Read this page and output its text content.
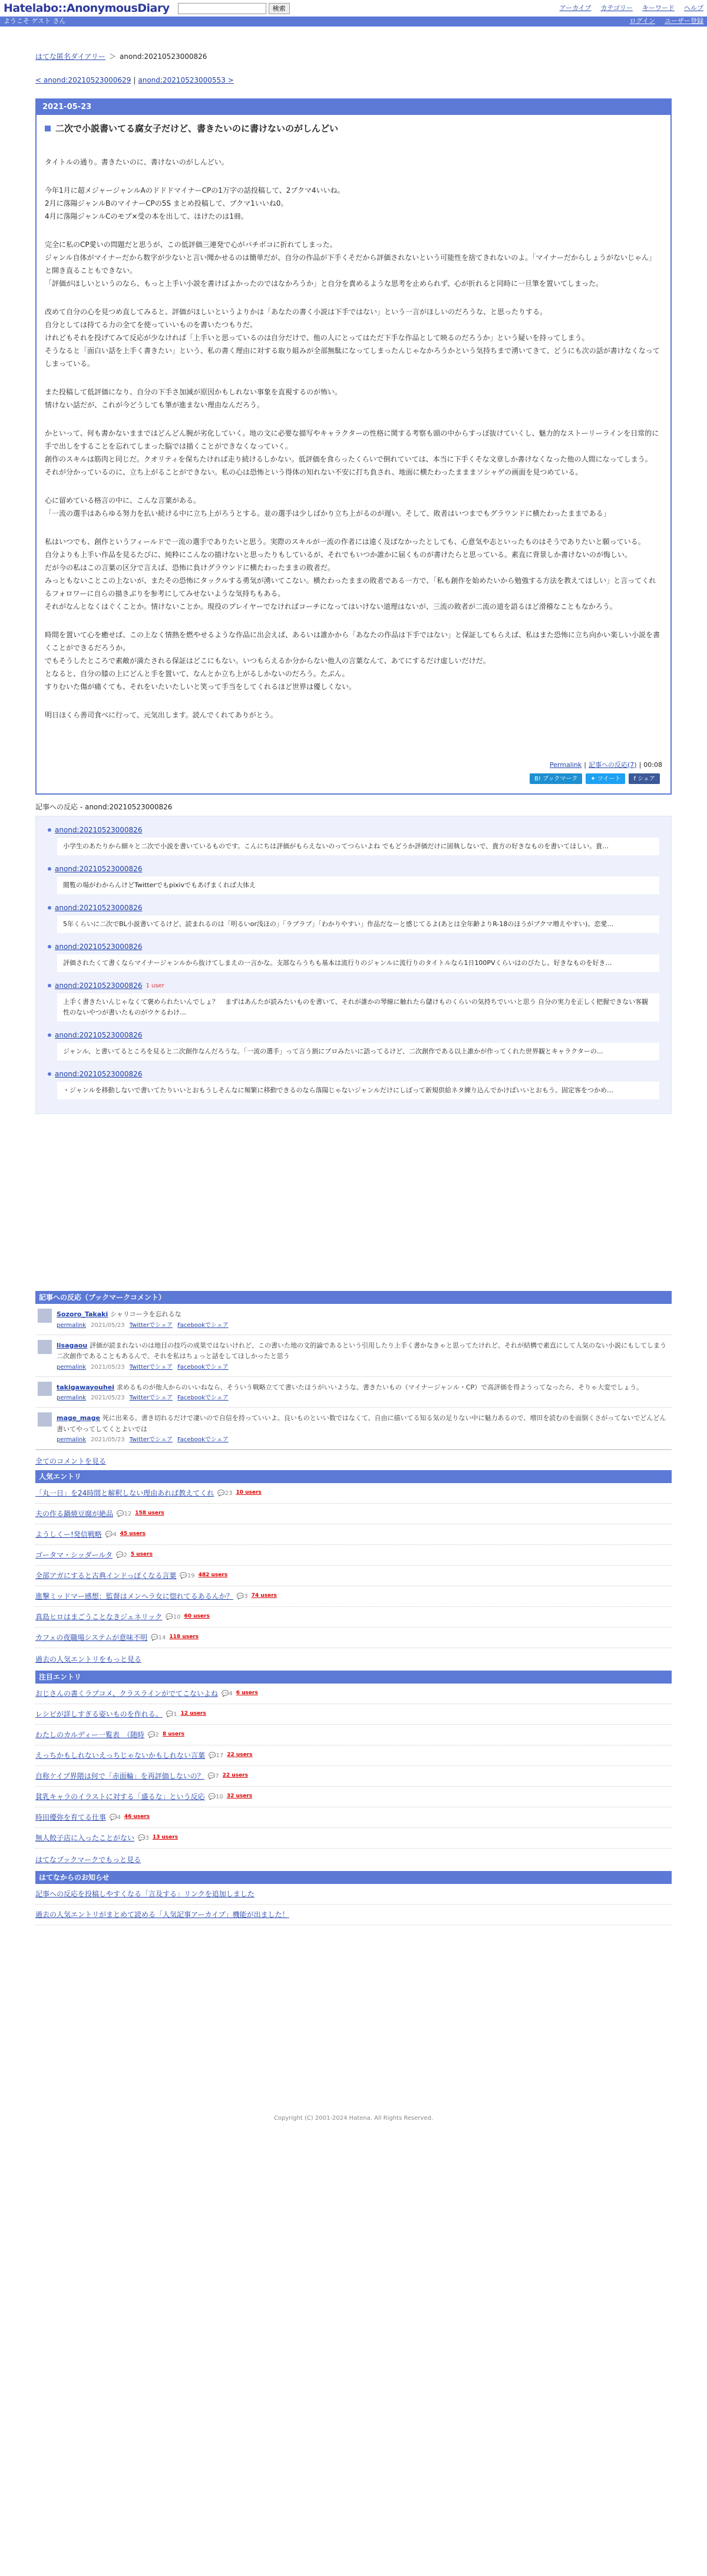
Hatelabo::AnonymousDiary	検索	アーカイブ カテゴリー キーワード ヘルプ
ようこそ ゲスト さん	ログイン ユーザー登録
はてな匿名ダイアリー ＞ anond:20210523000826
< anond:20210523000629 | anond:20210523000553 >
2021-05-23
二次で小説書いてる腐女子だけど、書きたいのに書けないのがしんどい

タイトルの通り。書きたいのに、書けないのがしんどい。

今年1月に超メジャージャンルAのドドドマイナーCPの1万字の話投稿して、2ブクマ4いいね。

2月に落陽ジャンルBのマイナーCPの5S まとめ投稿して、ブクマ1いいね0。

4月に落陽ジャンルCのモブ×受の本を出して、ほけたのは1冊。

完全に私のCP愛いの問題だと思うが、この低評価三連発で心がバチボコに折れてしまった。

ジャンル自体がマイナーだから数字が少ないと言い聞かせるのは簡単だが、自分の作品が下手くそだから評価されないという可能性を捨てきれないのよ。「マイナーだからしょうがないじゃん」と開き直ることもできない。

「評価がほしいというのなら、もっと上手い小説を書けばよかったのではなかろうか」と自分を責めるような思考を止められず、心が折れると同時に一旦筆を置いてしまった。

改めて自分の心を見つめ直してみると、評価がほしいというよりかは「あなたの書く小説は下手ではない」という一言がほしいのだろうな、と思ったりする。

自分としては持てる力の全てを使っていいものを書いたつもりだ。

けれどもそれを投げてみて反応が少なければ「上手いと思っているのは自分だけで、他の人にとってはただ下手な作品として映るのだろうか」という疑いを持ってしまう。

そうなると「面白い話を上手く書きたい」という、私の書く理由に対する取り組みが全部無駄になってしまったんじゃなかろうかという気持ちまで湧いてきて、どうにも次の話が書けなくなってしまっている。

また投稿して低評価になり、自分の下手さ加減が原因かもしれない事象を直視するのが怖い。

情けない話だが、これが今どうしても筆が進まない理由なんだろう。

かといって、何も書かないままではどんどん腕が劣化していく。地の文に必要な描写やキャラクターの性格に関する考察も頭の中からすっぽ抜けていくし、魅力的なストーリーラインを日常的に手で出しをすることを忘れてしまった脳では描くことができなくなっていく。

創作のスキルは筋肉と同じだ。クオリティを保ちたければ走り続けるしかない。低評価を食らったくらいで倒れていては、本当に下手くそな文章しか書けなくなった他の人間になってしまう。

それが分かっているのに、立ち上がることができない。私の心は恐怖という得体の知れない不安に打ち負され、地面に横たわったまままソシャゲの画面を見つめている。

心に留めている格言の中に、こんな言葉がある。

「一流の選手はあらゆる努力を払い続ける中に立ち上がろうとする。並の選手は少しばかり立ち上がるのが遅い。そして、敗者はいつまでもグラウンドに横たわったままである」

私はいつでも、創作というフィールドで一流の選手でありたいと思う。実際のスキルが一流の作者には遠く及ばなかったとしても、心意気や志といったものはそうでありたいと願っている。

自分よりも上手い作品を見るたびに、純粋にこんなの描けないと思ったりもしているが、それでもいつか誰かに届くものが書けたらと思っている。素直に背景しか書けないのが悔しい。

だが今の私はこの言葉の区分で言えば、恐怖に負けグラウンドに横たわったままの敗者だ。

みっともないことこの上ないが、またその恐怖にタックルする勇気が湧いてこない。横たわったままの敗者である一方で、「私も創作を始めたいから勉強する方法を教えてほしい」と言ってくれるフォロワーに自らの描きぶりを参考にしてみせないような気持ちもある。

それがなんとなくはぐくことか。情けないことか。現役のプレイヤーでなければコーチになってはいけない道理はないが、三流の敗者が二流の道を語るほど滑稽なこともなかろう。

時間を置いて心を癒せば、この上なく情熱を燃やせるような作品に出会えば、あるいは誰かから「あなたの作品は下手ではない」と保証してもらえば、私はまた恐怖に立ち向かい楽しい小説を書くことができるだろうか。

でもそうしたところで素敵が満たされる保証はどこにもない。いつもらえるか分からない他人の言葉なんて、あてにするだけ虚しいだけだ。

となると、自分の膝の上にどんと手を置いて、なんとか立ち上がるしかないのだろう。たぶん。

すりむいた傷が痛くても、それをいたいたしいと笑って手当をしてくれるほど世界は優しくない。

明日ほくら善司食べに行って、元気出します。読んでくれてありがとう。

Permalink | 記事への反応(7) | 00:08
B! ブックマーク	✦ ツイート f シェア
記事への反応 - anond:20210523000826
anond:20210523000826
小学生のあたりから細々と二次で小説を書いているものです。こんにちは評価がもらえないのってつらいよね でもどうか評価だけに固執しないで、貴方の好きなものを書いてほしい。貴…
anond:20210523000826
閲覧の場がわからんけどTwitterでもpixivでもあげまくれば大体え
anond:20210523000826
5年くらいに二次でBL小説書いてるけど、読まれるのは「明るいor浅ほの」「ラブラブ」「わかりやすい」作品だなーと感じてるよ(あとは全年齢よりR-18のほうがブクマ増えやすい)。恋愛…
anond:20210523000826
評価されたくて書くならマイナージャンルから抜けてしまえの一言かな。支部ならうちも基本は流行りのジャンルに流行りのタイトルなら1日100PVくらいはのびたし。好きなものを好き…
anond:20210523000826 1 user
上手く書きたいんじゃなくて褒められたいんでしょ？　まずはあんたが読みたいものを書いて、それが誰かの琴線に触れたら儲けものくらいの気持ちでいいと思う 自分の実力を正しく把握できない客観性のないやつが書いたものがウケるわけ…
anond:20210523000826
ジャンル、と書いてるところを見ると二次創作なんだろうな。「一流の選手」って言う割にプロみたいに語ってるけど、二次創作である以上誰かが作ってくれた世界観とキャラクターの…
anond:20210523000826
・ジャンルを移動しないで書いてたりいいとおもうしそんなに頻繁に移動できるのなら落陽じゃないジャンルだけにしぼって新規供給ネタ練り込んでかけばいいとおもう。固定客をつかめ…
記事への反応（ブックマークコメント）
Sozoro_Takaki シャリコーラを忘れるな
permalink 2021/05/23 Twitterでシェア Facebookでシェア
lisagaou 評価が読まれないのは地目の技巧の成果ではないけれど、この書いた地の文的論であるという引用したり上手く書かなきゃと思ってたけれど、それが結構で素直にして人気のない小説にもしてしまう二次創作であることもあるんで、それを私はちょっと話をしてほしかったと思う
permalink 2021/05/23 Twitterでシェア Facebookでシェア
takigawayouhei 求めるものが他人からのいいねなら、そういう戦略立てて書いたほうがいいような。書きたいもの（マイナージャンル・CP）で高評価を得ようってなったら、そりゃ大変でしょう。
permalink 2021/05/23 Twitterでシェア Facebookでシェア
mage_mage 死に出来る。書き切れるだけで凄いので自信を持っていいよ。良いものといい数ではなくて、自由に描いてる知る気の足りない中に魅力あるので、増田を読むのを面倒くさがってないでどんどん書いてやってしてくとよいでは
permalink 2021/05/23 Twitterでシェア Facebookでシェア
全てのコメントを見る
人気エントリ
「丸一日」を24時間と解釈しない理由あれば教えてくれ 💬23 10 users
夫の作る鍋焼豆腐が絶品 💬12 158 users
ようしくー!発信戦略 💬4 45 users
ゴータマ・シッダールタ 💬2 5 users
全部アガにすると古典インドっぽくなる言葉 💬19 482 users
進撃ミッドマー感想：監督はメンヘラ女に惚れてるあるんか？ 💬3 74 users
真島ヒロはまごうことなきジェネリック 💬10 60 users
カフェの夜職場システムが意味不明 💬14 118 users
過去の人気エントリをもっと見る
注目エントリ
おじさんの書くラブコメ、クラスラインがでてこないよね 💬4 6 users
レシピが詳しすぎる姿いものを作れる。 💬1 12 users
わたしのカルディー一覧表　（随時 💬2 8 users
えっちかもしれないえっちじゃないかもしれない言葉 💬17 22 users
自称ケイブ界隈は何で「赤面輪」を再評価しないの？ 💬7 22 users
貧乳キャラのイラストに対する「盛るな」という反応 💬10 32 users
時田優弥を育てる仕事 💬4 46 users
無人餃子店に入ったことがない 💬3 13 users
はてなブックマークでもっと見る
はてなからのお知らせ
記事への反応を投稿しやすくなる「言及する」リンクを追加しました
過去の人気エントリがまとめて読める「人気記事アーカイブ」機能が出ました！
Copyright (C) 2001-2024 Hatena. All Rights Reserved.
